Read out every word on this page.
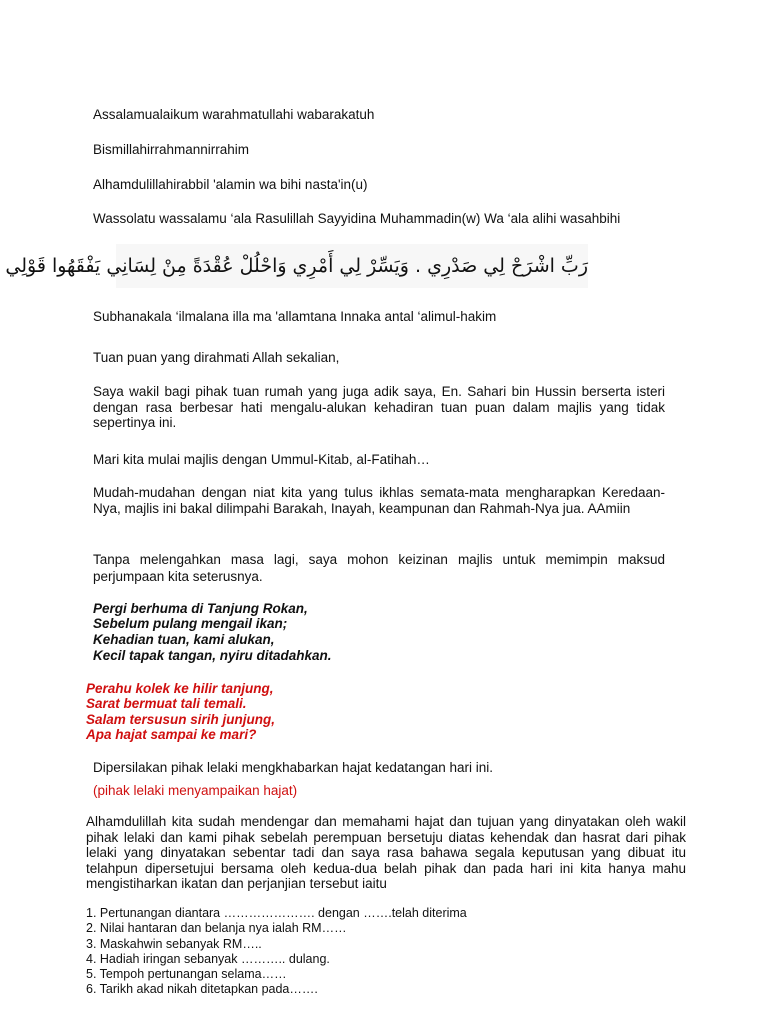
Assalamualaikum warahmatullahi wabarakatuh
Bismillahirrahmannirrahim
Alhamdulillahirabbil 'alamin wa bihi nasta'in(u)
Wassolatu wassalamu ‘ala Rasulillah Sayyidina Muhammadin(w) Wa ‘ala alihi wasahbihi
رَبِّ اشْرَحْ لِي صَدْرِي . وَيَسِّرْ لِي أَمْرِي وَاحْلُلْ عُقْدَةً مِنْ لِسَانِي يَفْقَهُوا قَوْلِي
Subhanakala ‘ilmalana illa ma 'allamtana Innaka antal ‘alimul-hakim
Tuan puan yang dirahmati Allah sekalian,
Saya wakil bagi pihak tuan rumah yang juga adik saya, En. Sahari bin Hussin berserta isteri dengan rasa berbesar hati mengalu-alukan kehadiran tuan puan dalam majlis yang tidak sepertinya ini.
Mari kita mulai majlis dengan Ummul-Kitab, al-Fatihah…
Mudah-mudahan dengan niat kita yang tulus ikhlas semata-mata mengharapkan Keredaan-Nya, majlis ini bakal dilimpahi Barakah, Inayah, keampunan dan Rahmah-Nya jua. AAmiin
Tanpa melengahkan masa lagi, saya mohon keizinan majlis untuk memimpin maksud perjumpaan kita seterusnya.
Pergi berhuma di Tanjung Rokan,
Sebelum pulang mengail ikan;
Kehadian tuan, kami alukan,
Kecil tapak tangan, nyiru ditadahkan.
Perahu kolek ke hilir tanjung,
Sarat bermuat tali temali.
Salam tersusun sirih junjung,
Apa hajat sampai ke mari?
Dipersilakan pihak lelaki mengkhabarkan hajat kedatangan hari ini.
(pihak lelaki menyampaikan hajat)
Alhamdulillah kita sudah mendengar dan memahami hajat dan tujuan yang dinyatakan oleh wakil pihak lelaki dan kami pihak sebelah perempuan bersetuju diatas kehendak dan hasrat dari pihak lelaki yang dinyatakan sebentar tadi dan saya rasa bahawa segala keputusan yang dibuat itu telahpun dipersetujui bersama oleh kedua-dua belah pihak dan pada hari ini kita hanya mahu mengistiharkan ikatan dan perjanjian tersebut iaitu
1. Pertunangan diantara …………………. dengan …….telah diterima
2. Nilai hantaran dan belanja nya ialah RM……
3. Maskahwin sebanyak RM…..
4. Hadiah iringan sebanyak ……….. dulang.
5. Tempoh pertunangan selama……
6. Tarikh akad nikah ditetapkan pada…….
